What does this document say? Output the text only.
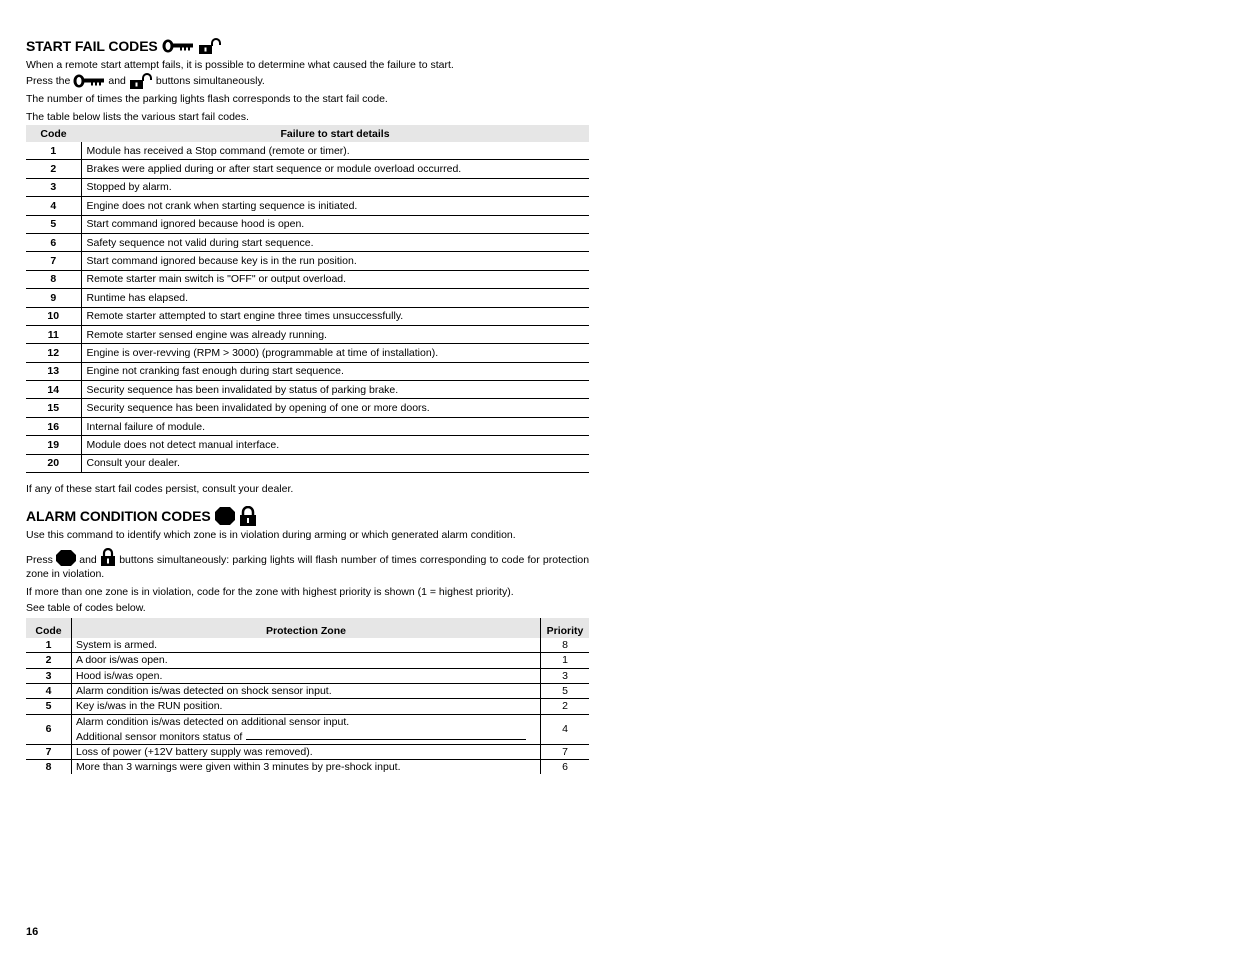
START FAIL CODES

When a remote start attempt fails, it is possible to determine what caused the failure to start.

Press the	and	buttons simultaneously.

The number of times the parking lights flash corresponds to the start fail code.

The table below lists the various start fail codes.

Code	Failure to start details
1	Module has received a Stop command (remote or timer).
2	Brakes were applied during or after start sequence or module overload occurred.
3	Stopped by alarm.
4	Engine does not crank when starting sequence is initiated.
5	Start command ignored because hood is open.
6	Safety sequence not valid during start sequence.
7	Start command ignored because key is in the run position.
8	Remote starter main switch is "OFF" or output overload.
9	Runtime has elapsed.
10	Remote starter attempted to start engine three times unsuccessfully.
11	Remote starter sensed engine was already running.
12	Engine is over-revving (RPM > 3000) (programmable at time of installation).
13	Engine not cranking fast enough during start sequence.
14	Security sequence has been invalidated by status of parking brake.
15	Security sequence has been invalidated by opening of one or more doors.
16	Internal failure of module.
19	Module does not detect manual interface.
20	Consult your dealer.

If any of these start fail codes persist, consult your dealer.

ALARM CONDITION CODES

Use this command to identify which zone is in violation during arming or which generated alarm condition.

Press	and buttons simultaneously: parking lights will flash number of times corresponding to code for protection zone in violation.

If more than one zone is in violation, code for the zone with highest priority is shown (1 = highest priority).

See table of codes below.

Code	Protection Zone	Priority
1	System is armed.	8
2	A door is/was open.	1
3	Hood is/was open.	3
4	Alarm condition is/was detected on shock sensor input.	5
5	Key is/was in the RUN position.	2
6	Alarm condition is/was detected on additional sensor input.
Additional sensor monitors status of	4
7	Loss of power (+12V battery supply was removed).	7
8	More than 3 warnings were given within 3 minutes by pre-shock input.	6
16
